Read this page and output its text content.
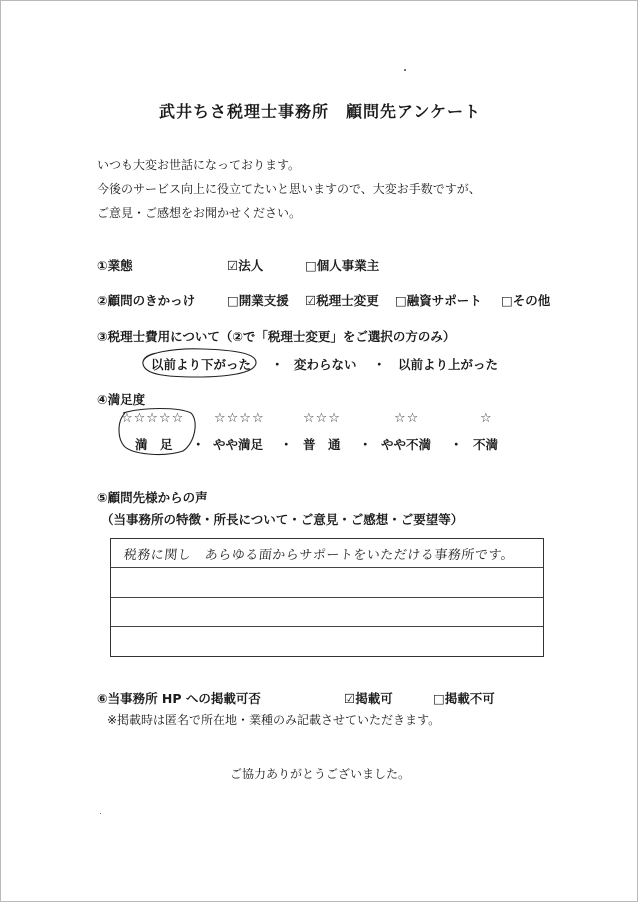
武井ちさ税理士事務所　顧問先アンケート
いつも大変お世話になっております。
今後のサービス向上に役立てたいと思いますので、大変お手数ですが、
ご意見・ご感想をお聞かせください。
①業態	☑法人	□個人事業主
②顧問のきかっけ	□開業支援 ☑税理士変更 □融資サポート □その他
③税理士費用について（②で「税理士変更」をご選択の方のみ）
以前より下がった ・ 変わらない ・ 以前より上がった
④満足度
☆☆☆☆☆ ☆☆☆☆	☆☆☆	☆☆	☆
満　足 ・ やや満足 ・ 普　通 ・ やや不満 ・ 不満
⑤顧問先様からの声
（当事務所の特徴・所長について・ご意見・ご感想・ご要望等）
税務に関し　あらゆる面からサポートをいただける事務所です。
⑥当事務所 HP への掲載可否	☑掲載可	□掲載不可
※掲載時は匿名で所在地・業種のみ記載させていただきます。
ご協力ありがとうございました。
